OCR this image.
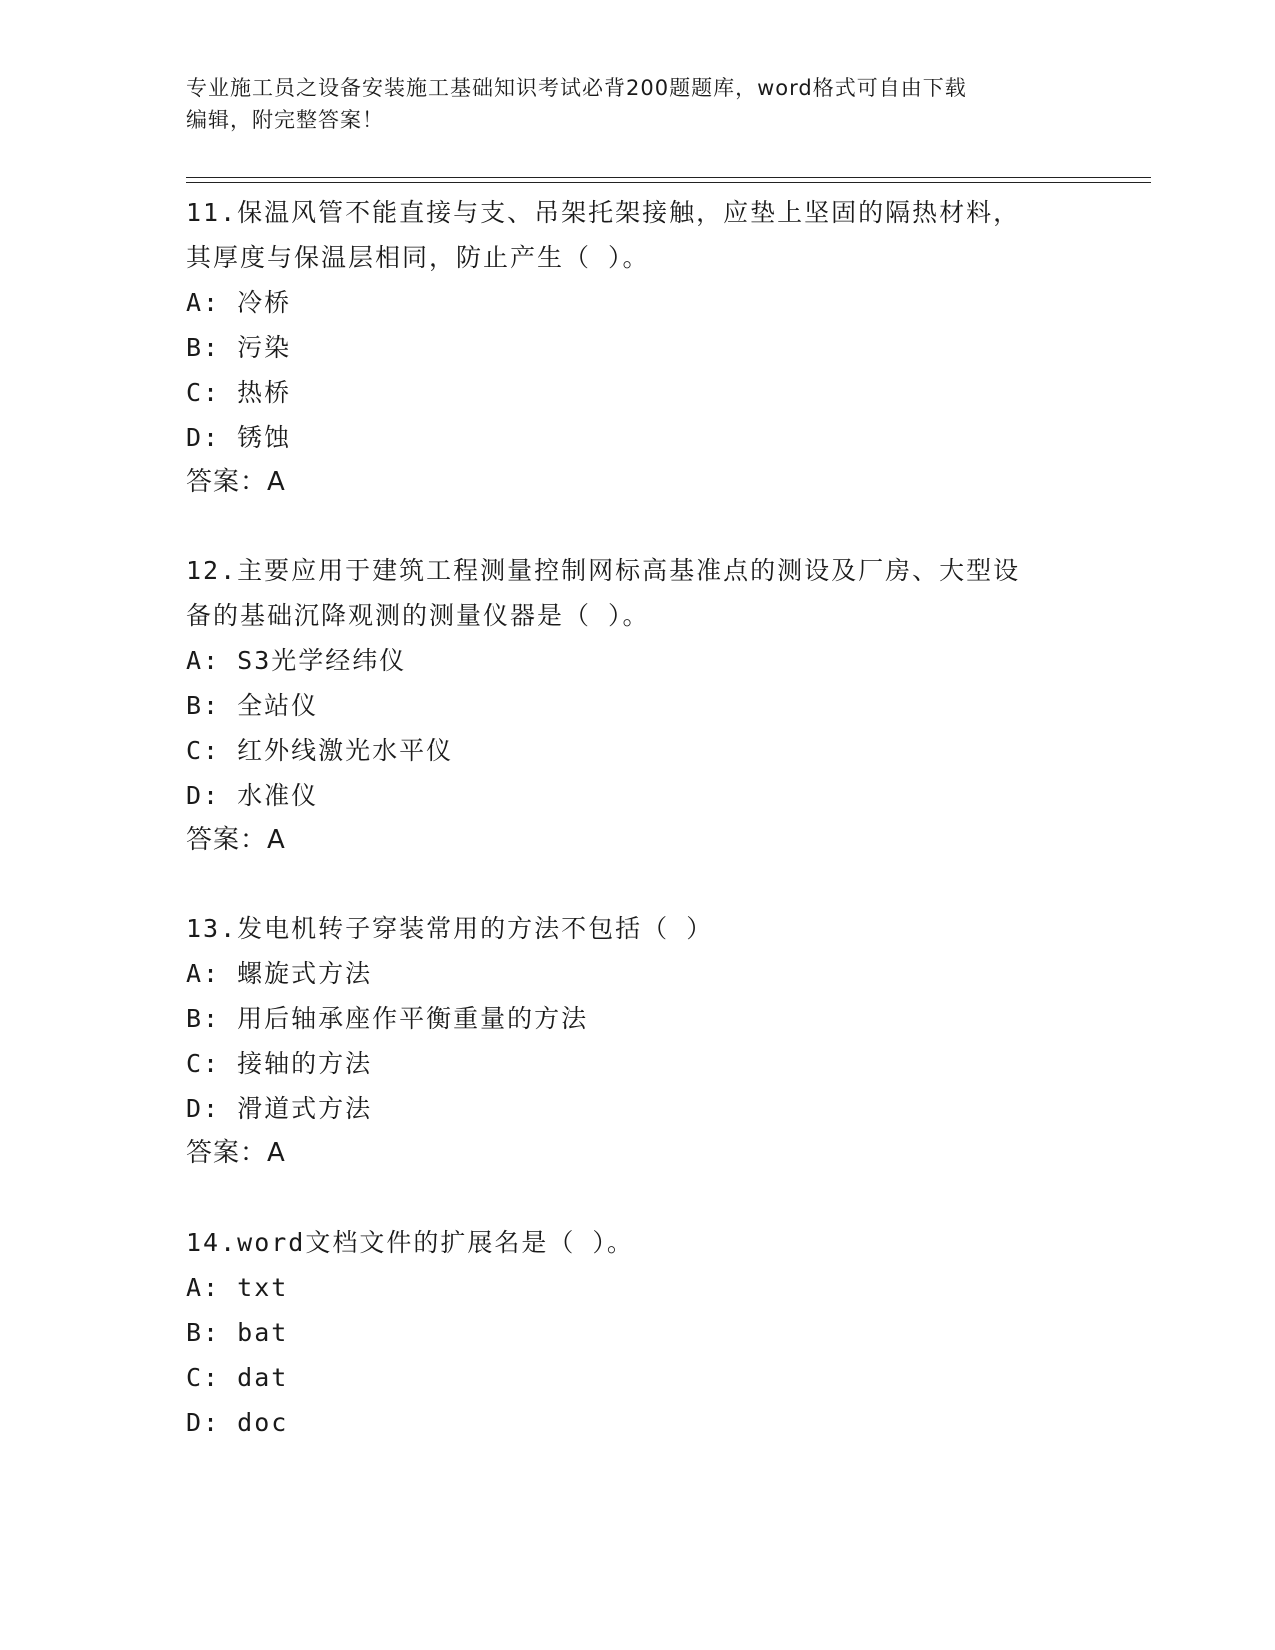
专业施工员之设备安装施工基础知识考试必背200题题库，word格式可自由下载
编辑，附完整答案！
11.保温风管不能直接与支、吊架托架接触，应垫上坚固的隔热材料，
其厚度与保温层相同，防止产生（ ）。
A: 冷桥
B: 污染
C: 热桥
D: 锈蚀
答案：A
12.主要应用于建筑工程测量控制网标高基准点的测设及厂房、大型设
备的基础沉降观测的测量仪器是（ ）。
A: S3光学经纬仪
B: 全站仪
C: 红外线激光水平仪
D: 水准仪
答案：A
13.发电机转子穿装常用的方法不包括（ ）
A: 螺旋式方法
B: 用后轴承座作平衡重量的方法
C: 接轴的方法
D: 滑道式方法
答案：A
14.word文档文件的扩展名是（ ）。
A: txt
B: bat
C: dat
D: doc
